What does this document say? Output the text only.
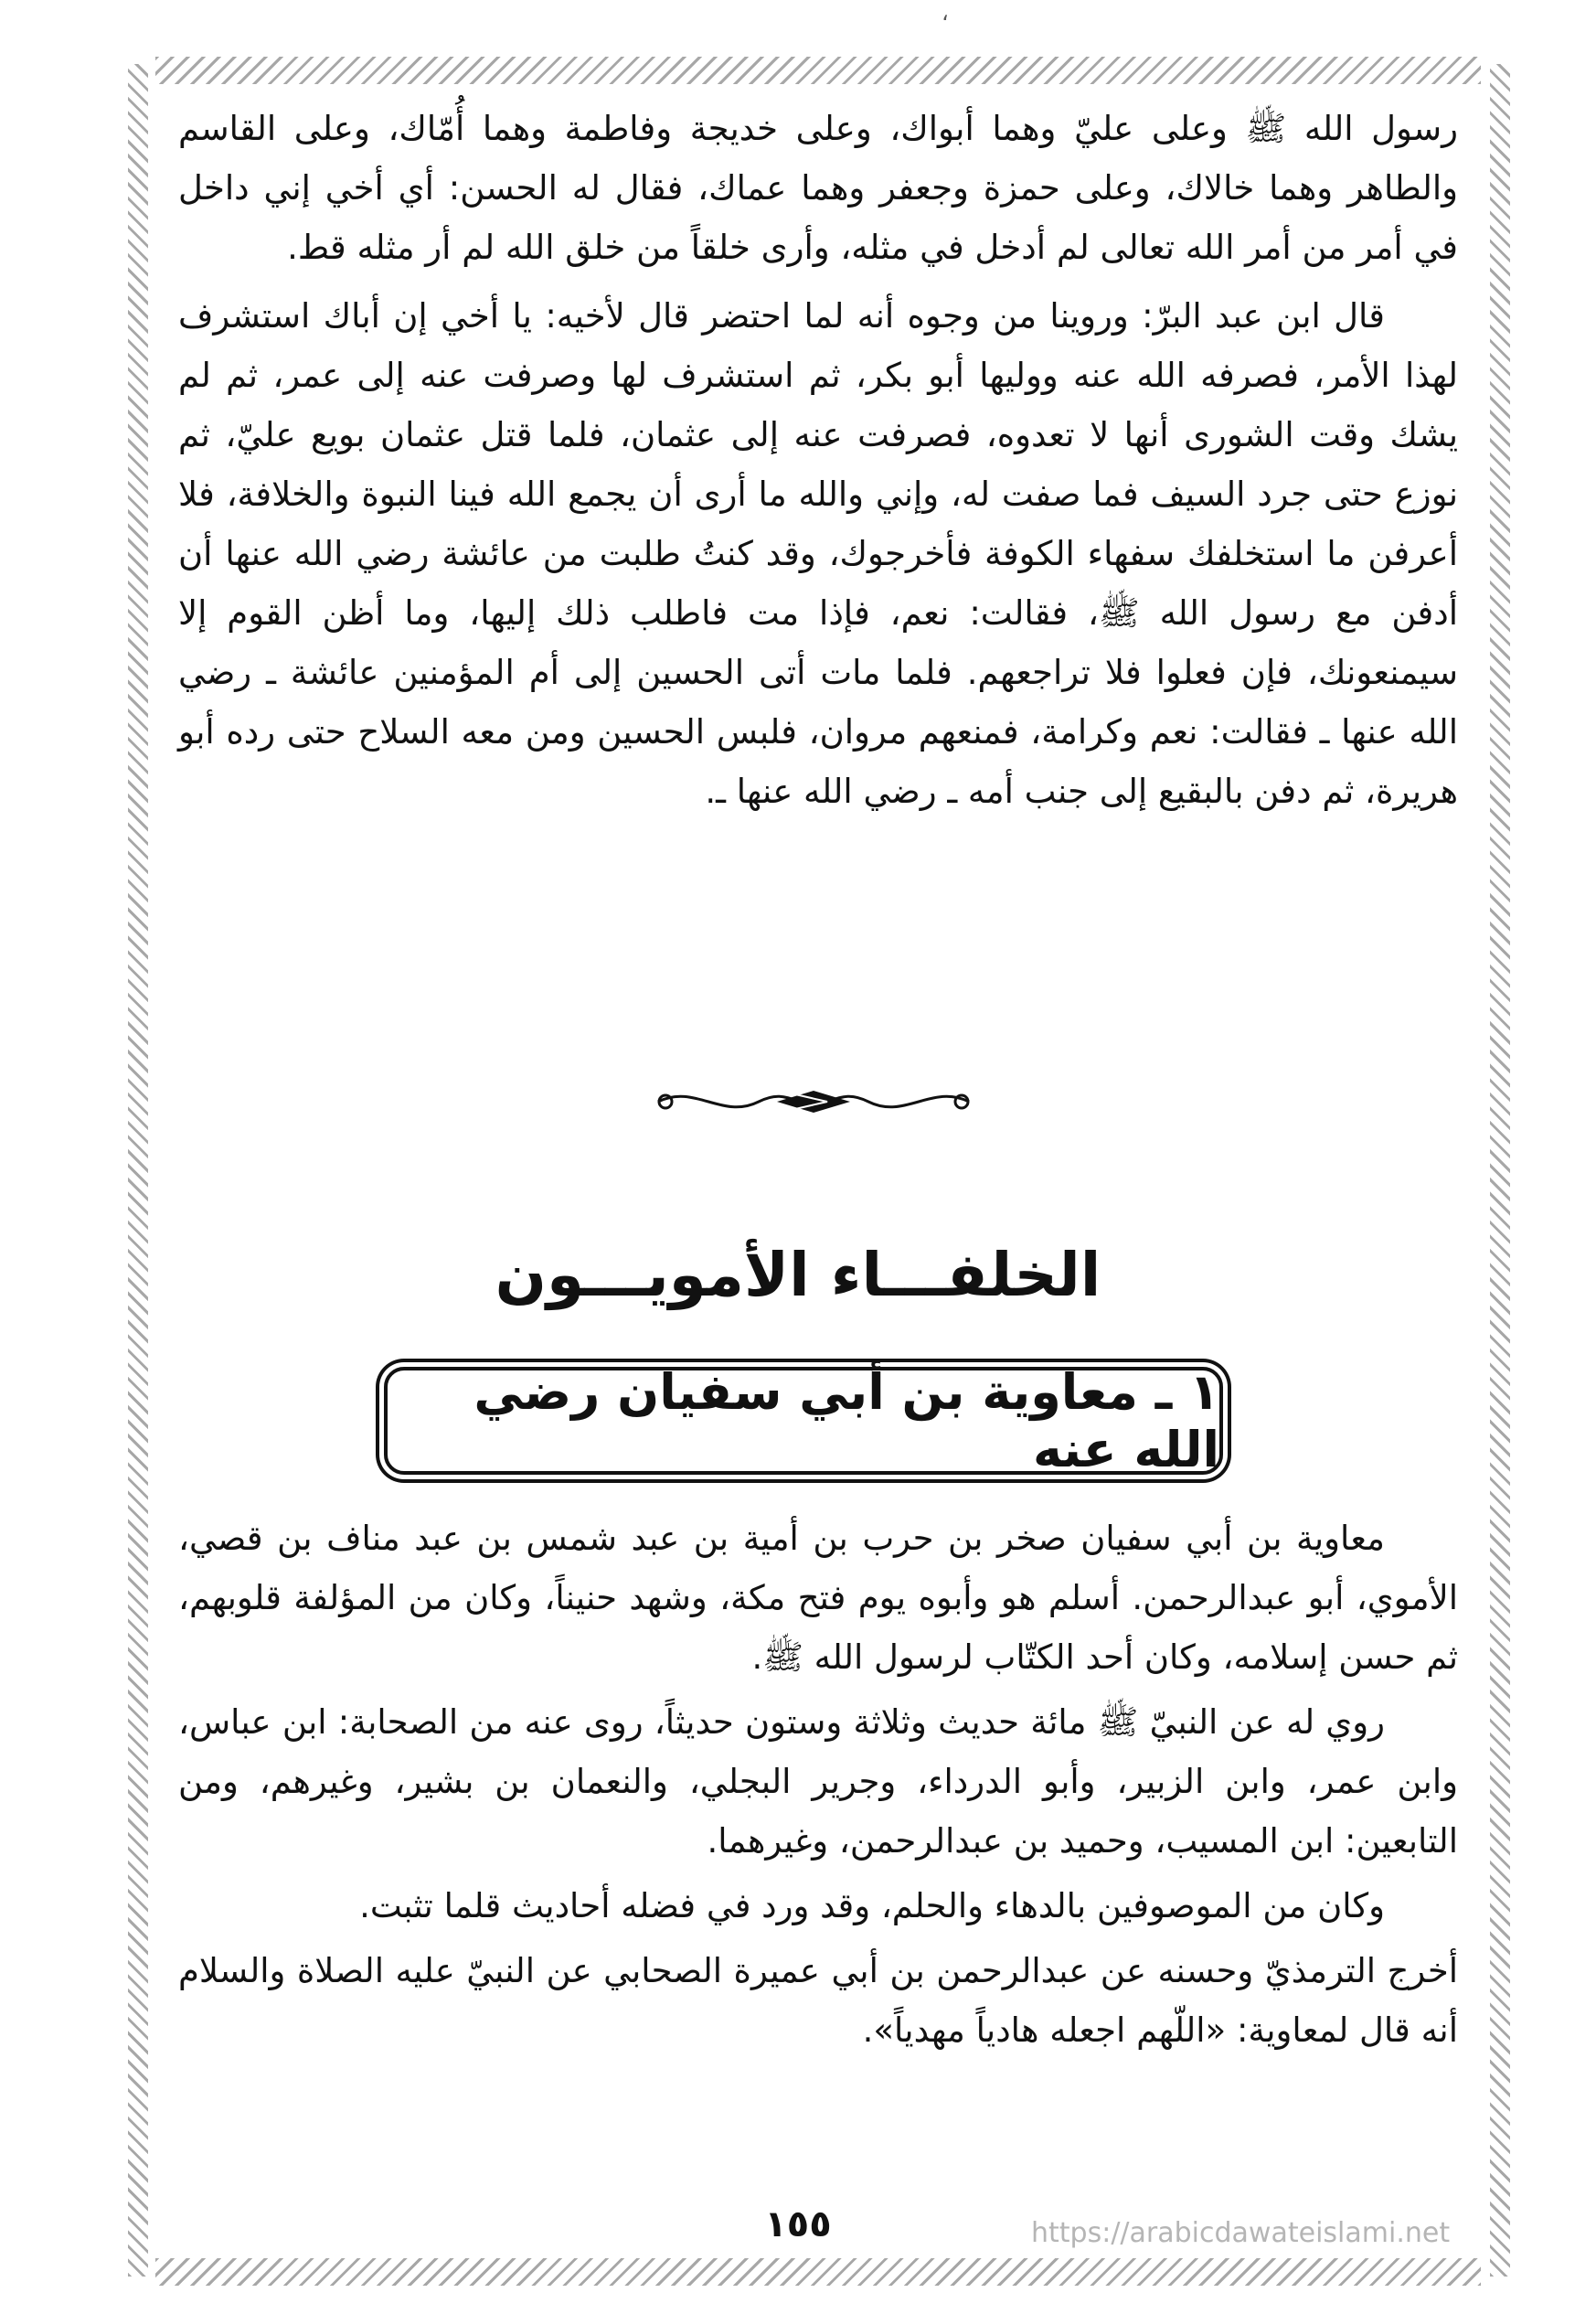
،

رسول الله ﷺ وعلى عليّ وهما أبواك، وعلى خديجة وفاطمة وهما أُمّاك، وعلى القاسم والطاهر وهما خالاك، وعلى حمزة وجعفر وهما عماك، فقال له الحسن: أي أخي إني داخل في أمر من أمر الله تعالى لم أدخل في مثله، وأرى خلقاً من خلق الله لم أر مثله قط.

قال ابن عبد البرّ: وروينا من وجوه أنه لما احتضر قال لأخيه: يا أخي إن أباك استشرف لهذا الأمر، فصرفه الله عنه ووليها أبو بكر، ثم استشرف لها وصرفت عنه إلى عمر، ثم لم يشك وقت الشورى أنها لا تعدوه، فصرفت عنه إلى عثمان، فلما قتل عثمان بويع عليّ، ثم نوزع حتى جرد السيف فما صفت له، وإني والله ما أرى أن يجمع الله فينا النبوة والخلافة، فلا أعرفن ما استخلفك سفهاء الكوفة فأخرجوك، وقد كنتُ طلبت من عائشة رضي الله عنها أن أدفن مع رسول الله ﷺ، فقالت: نعم، فإذا مت فاطلب ذلك إليها، وما أظن القوم إلا سيمنعونك، فإن فعلوا فلا تراجعهم. فلما مات أتى الحسين إلى أم المؤمنين عائشة ـ رضي الله عنها ـ فقالت: نعم وكرامة، فمنعهم مروان، فلبس الحسين ومن معه السلاح حتى رده أبو هريرة، ثم دفن بالبقيع إلى جنب أمه ـ رضي الله عنها ـ.

الخلفـــاء الأمويـــون
١ ـ معاوية بن أبي سفيان رضي الله عنه

معاوية بن أبي سفيان صخر بن حرب بن أمية بن عبد شمس بن عبد مناف بن قصي، الأموي، أبو عبدالرحمن. أسلم هو وأبوه يوم فتح مكة، وشهد حنيناً، وكان من المؤلفة قلوبهم، ثم حسن إسلامه، وكان أحد الكتّاب لرسول الله ﷺ.

روي له عن النبيّ ﷺ مائة حديث وثلاثة وستون حديثاً، روى عنه من الصحابة: ابن عباس، وابن عمر، وابن الزبير، وأبو الدرداء، وجرير البجلي، والنعمان بن بشير، وغيرهم، ومن التابعين: ابن المسيب، وحميد بن عبدالرحمن، وغيرهما.

وكان من الموصوفين بالدهاء والحلم، وقد ورد في فضله أحاديث قلما تثبت.

أخرج الترمذيّ وحسنه عن عبدالرحمن بن أبي عميرة الصحابي عن النبيّ عليه الصلاة والسلام أنه قال لمعاوية: «اللّهم اجعله هادياً مهدياً».

١٥٥	https://arabicdawateislami.net
